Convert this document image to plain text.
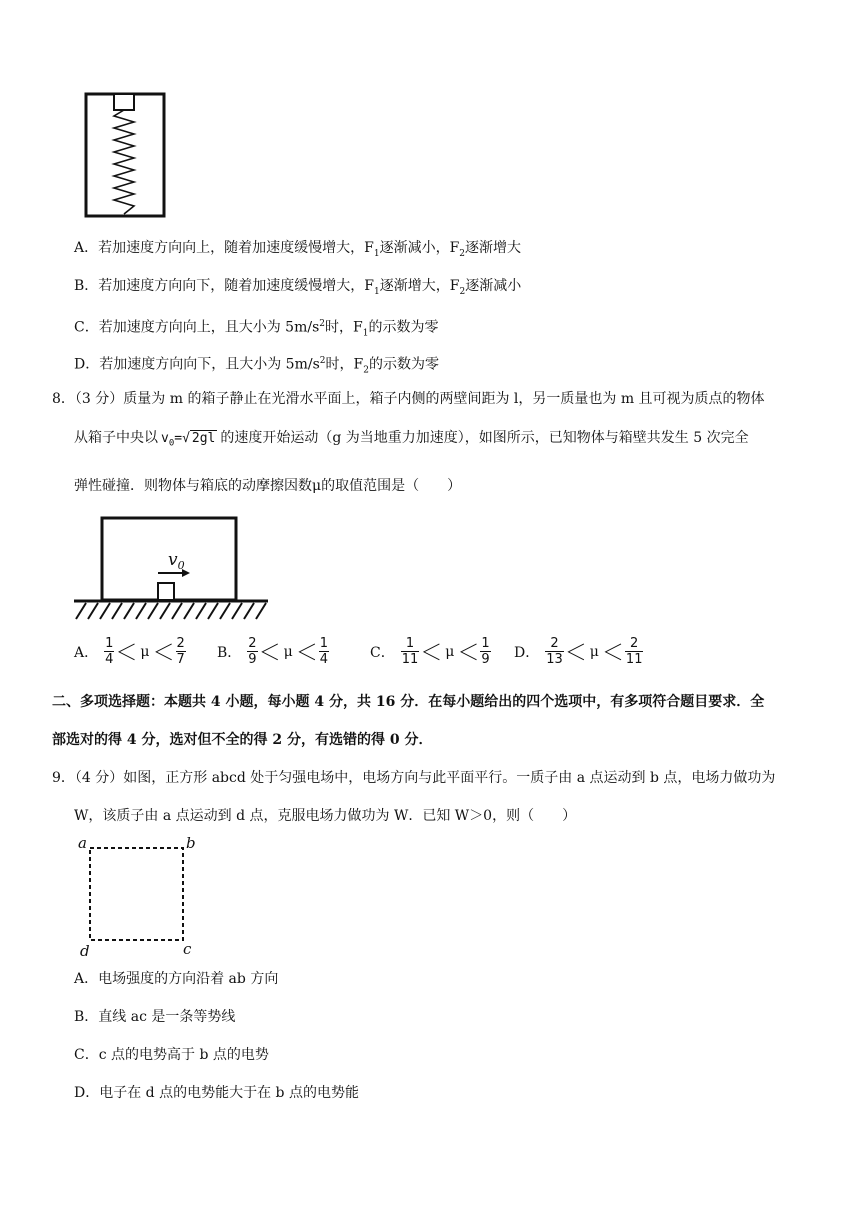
A．若加速度方向向上，随着加速度缓慢增大，$F_1$逐渐减小，$F_2$逐渐增大
B．若加速度方向向下，随着加速度缓慢增大，$F_1$逐渐增大，$F_2$逐渐减小
C．若加速度方向向上，且大小为 $5m/s^2$时，$F_1$的示数为零
D．若加速度方向向下，且大小为 $5m/s^2$时，$F_2$的示数为零
8．（3 分）质量为 m 的箱子静止在光滑水平面上，箱子内侧的两壁间距为 l，另一质量也为 m 且可视为质点的物体
从箱子中央以 $v_0=√$ 2gl 的速度开始运动（g 为当地重力加速度），如图所示，已知物体与箱壁共发生 5 次完全
弹性碰撞．则物体与箱底的动摩擦因数μ的取值范围是（　　）
$v_0$
A． $\frac{1}{4} < \mu < \frac{2}{7}$ B． $\frac{2}{9} < \mu < \frac{1}{4}$	C． $\frac{1}{11} < \mu < \frac{1}{9}$ D． $\frac{2}{13} < \mu < \frac{2}{11}$
二、多项选择题：本题共 4 小题，每小题 4 分，共 16 分．在每小题给出的四个选项中，有多项符合题目要求．全
部选对的得 4 分，选对但不全的得 2 分，有选错的得 0 分．
9．（4 分）如图，正方形 abcd 处于匀强电场中，电场方向与此平面平行。一质子由 a 点运动到 b 点，电场力做功为
W，该质子由 a 点运动到 d 点，克服电场力做功为 W．已知 W＞0，则（　　）
a	b
c
d
A．电场强度的方向沿着 ab 方向
B．直线 ac 是一条等势线
C．c 点的电势高于 b 点的电势
D．电子在 d 点的电势能大于在 b 点的电势能
